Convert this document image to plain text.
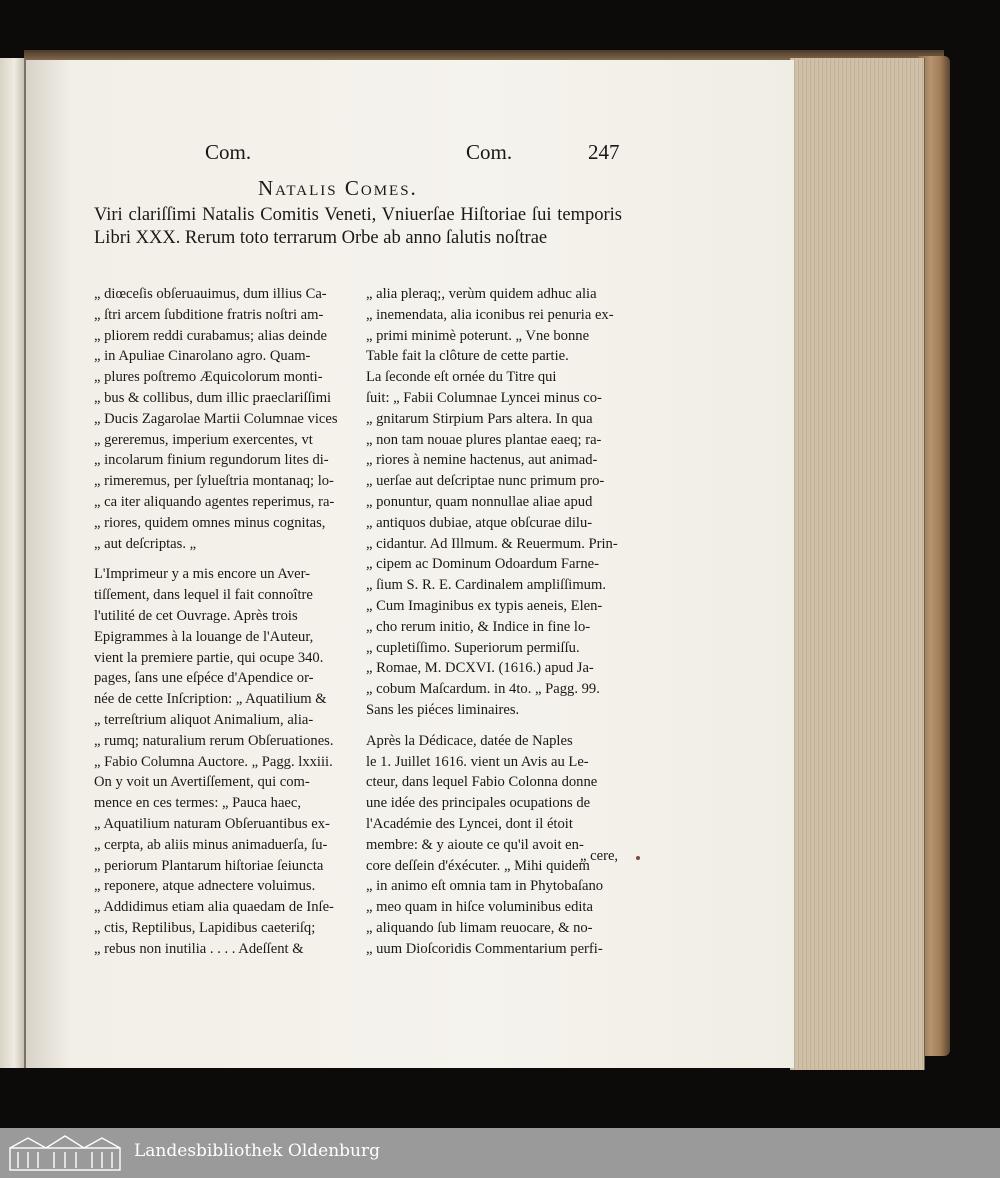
Com.	Com.	247
Natalis Comes.
Viri clariſſimi Natalis Comitis Veneti, Vniuerſae Hiſtoriae ſui temporis Libri XXX. Rerum toto terrarum Orbe ab anno ſalutis noſtrae
„ diœceſis obſeruauimus, dum illius Ca-
„ ſtri arcem ſubditione fratris noſtri am-
„ pliorem reddi curabamus; alias deinde
„ in Apuliae Cinarolano agro. Quam-
„ plures poſtremo Æquicolorum monti-
„ bus & collibus, dum illic praeclariſſimi
„ Ducis Zagarolae Martii Columnae vices
„ gereremus, imperium exercentes, vt
„ incolarum finium regundorum lites di-
„ rimeremus, per ſylueſtria montanaq; lo-
„ ca iter aliquando agentes reperimus, ra-
„ riores, quidem omnes minus cognitas,
„ aut deſcriptas. „
L'Imprimeur y a mis encore un Aver-
tiſſement, dans lequel il fait connoître
l'utilité de cet Ouvrage. Après trois
Epigrammes à la louange de l'Auteur,
vient la premiere partie, qui ocupe 340.
pages, ſans une eſpéce d'Apendice or-
née de cette Inſcription: „ Aquatilium &
„ terreſtrium aliquot Animalium, alia-
„ rumq; naturalium rerum Obſeruationes.
„ Fabio Columna Auctore. „ Pagg. lxxiii.
On y voit un Avertiſſement, qui com-
mence en ces termes: „ Pauca haec,
„ Aquatilium naturam Obſeruantibus ex-
„ cerpta, ab aliis minus animaduerſa, ſu-
„ periorum Plantarum hiſtoriae ſeiuncta
„ reponere, atque adnectere voluimus.
„ Addidimus etiam alia quaedam de Inſe-
„ ctis, Reptilibus, Lapidibus caeteriſq;
„ rebus non inutilia . . . . Adeſſent &
„ alia pleraq;, verùm quidem adhuc alia
„ inemendata, alia iconibus rei penuria ex-
„ primi minimè poterunt. „ Vne bonne
Table fait la clôture de cette partie.
La ſeconde eſt ornée du Titre qui
ſuit: „ Fabii Columnae Lyncei minus co-
„ gnitarum Stirpium Pars altera. In qua
„ non tam nouae plures plantae eaeq; ra-
„ riores à nemine hactenus, aut animad-
„ uerſae aut deſcriptae nunc primum pro-
„ ponuntur, quam nonnullae aliae apud
„ antiquos dubiae, atque obſcurae dilu-
„ cidantur. Ad Illmum. & Reuermum. Prin-
„ cipem ac Dominum Odoardum Farne-
„ ſium S. R. E. Cardinalem ampliſſimum.
„ Cum Imaginibus ex typis aeneis, Elen-
„ cho rerum initio, & Indice in fine lo-
„ cupletiſſimo. Superiorum permiſſu.
„ Romae, M. DCXVI. (1616.) apud Ja-
„ cobum Maſcardum. in 4to. „ Pagg. 99.
Sans les piéces liminaires.
Après la Dédicace, datée de Naples
le 1. Juillet 1616. vient un Avis au Le-
cteur, dans lequel Fabio Colonna donne
une idée des principales ocupations de
l'Académie des Lyncei, dont il étoit
membre: & y aioute ce qu'il avoit en-
core deſſein d'éxécuter. „ Mihi quidem
„ in animo eſt omnia tam in Phytobaſano
„ meo quam in hiſce voluminibus edita
„ aliquando ſub limam reuocare, & no-
„ uum Dioſcoridis Commentarium perfi-
„ cere,
Landesbibliothek Oldenburg
